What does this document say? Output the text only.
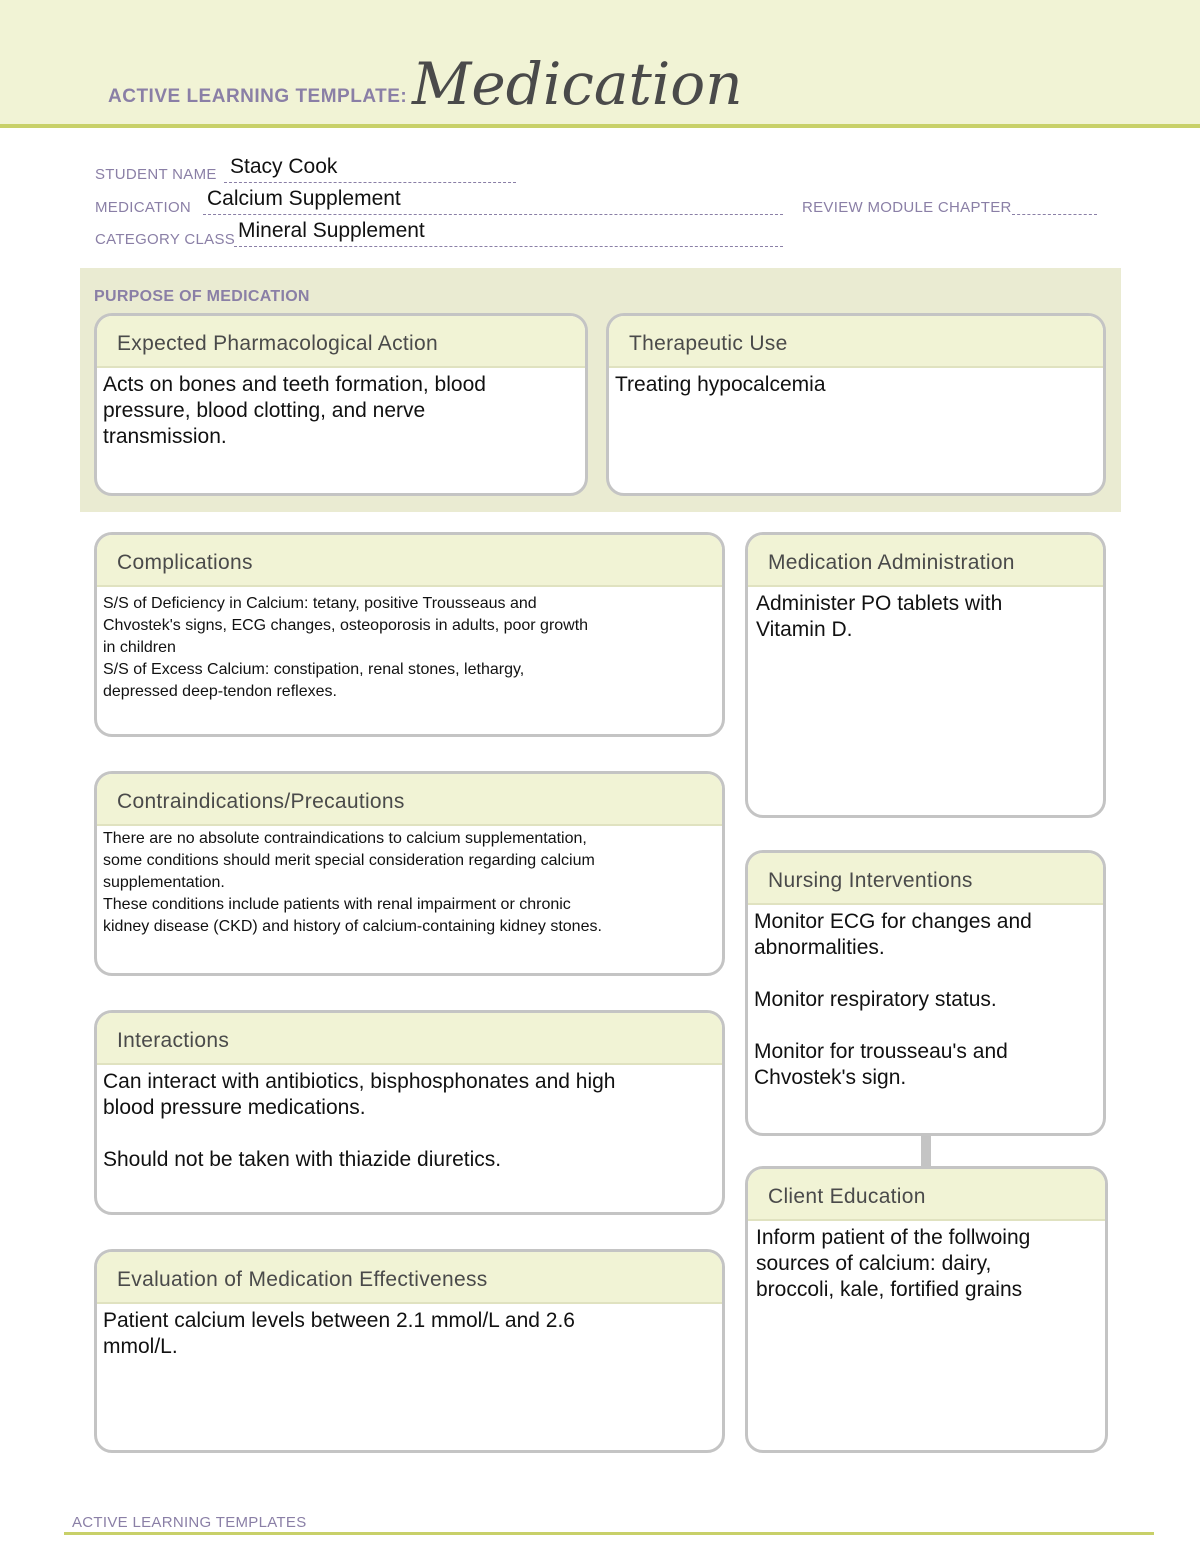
ACTIVE LEARNING TEMPLATE: Medication
STUDENT NAME Stacy Cook
MEDICATION Calcium Supplement	REVIEW MODULE CHAPTER
CATEGORY CLASS Mineral Supplement
PURPOSE OF MEDICATION
Expected Pharmacological Action
Acts on bones and teeth formation, blood
pressure, blood clotting, and nerve
transmission.
Therapeutic Use
Treating hypocalcemia
Complications
S/S of Deficiency in Calcium: tetany, positive Trousseaus and
Chvostek's signs, ECG changes, osteoporosis in adults, poor growth
in children
S/S of Excess Calcium: constipation, renal stones, lethargy,
depressed deep-tendon reflexes.
Contraindications/Precautions
There are no absolute contraindications to calcium supplementation,
some conditions should merit special consideration regarding calcium
supplementation.
These conditions include patients with renal impairment or chronic
kidney disease (CKD) and history of calcium-containing kidney stones.
Interactions
Can interact with antibiotics, bisphosphonates and high
blood pressure medications.

Should not be taken with thiazide diuretics.
Evaluation of Medication Effectiveness
Patient calcium levels between 2.1 mmol/L and 2.6
mmol/L.
Medication Administration
Administer PO tablets with
Vitamin D.
Nursing Interventions
Monitor ECG for changes and
abnormalities.

Monitor respiratory status.

Monitor for trousseau's and
Chvostek's sign.
Client Education
Inform patient of the follwoing
sources of calcium: dairy,
broccoli, kale, fortified grains
ACTIVE LEARNING TEMPLATES
